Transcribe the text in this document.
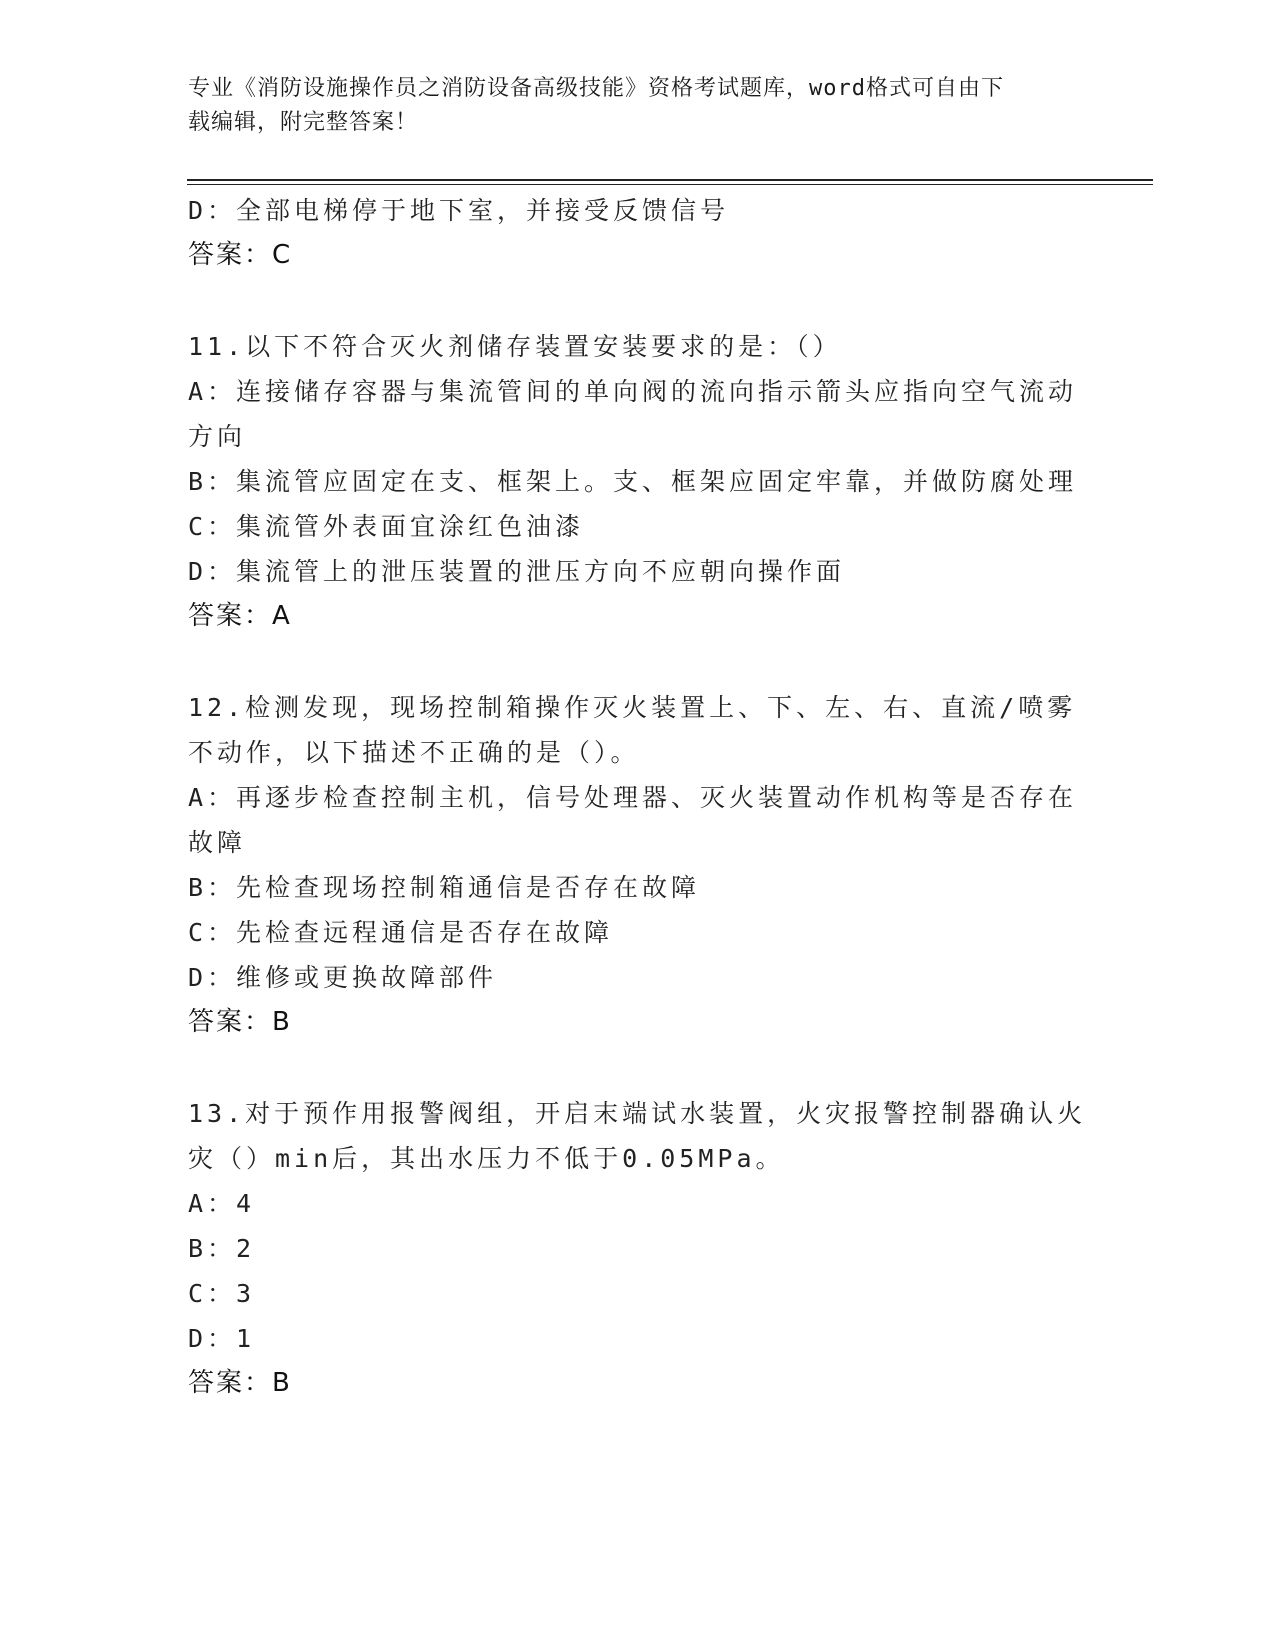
专业《消防设施操作员之消防设备高级技能》资格考试题库，word格式可自由下
载编辑，附完整答案！
D：全部电梯停于地下室，并接受反馈信号
答案：C
11.以下不符合灭火剂储存装置安装要求的是：（）
A：连接储存容器与集流管间的单向阀的流向指示箭头应指向空气流动
方向
B：集流管应固定在支、框架上。支、框架应固定牢靠，并做防腐处理
C：集流管外表面宜涂红色油漆
D：集流管上的泄压装置的泄压方向不应朝向操作面
答案：A
12.检测发现，现场控制箱操作灭火装置上、下、左、右、直流/喷雾
不动作，以下描述不正确的是（）。
A：再逐步检查控制主机，信号处理器、灭火装置动作机构等是否存在
故障
B：先检查现场控制箱通信是否存在故障
C：先检查远程通信是否存在故障
D：维修或更换故障部件
答案：B
13.对于预作用报警阀组，开启末端试水装置，火灾报警控制器确认火
灾（）min后，其出水压力不低于0.05MPa。
A：4
B：2
C：3
D：1
答案：B
